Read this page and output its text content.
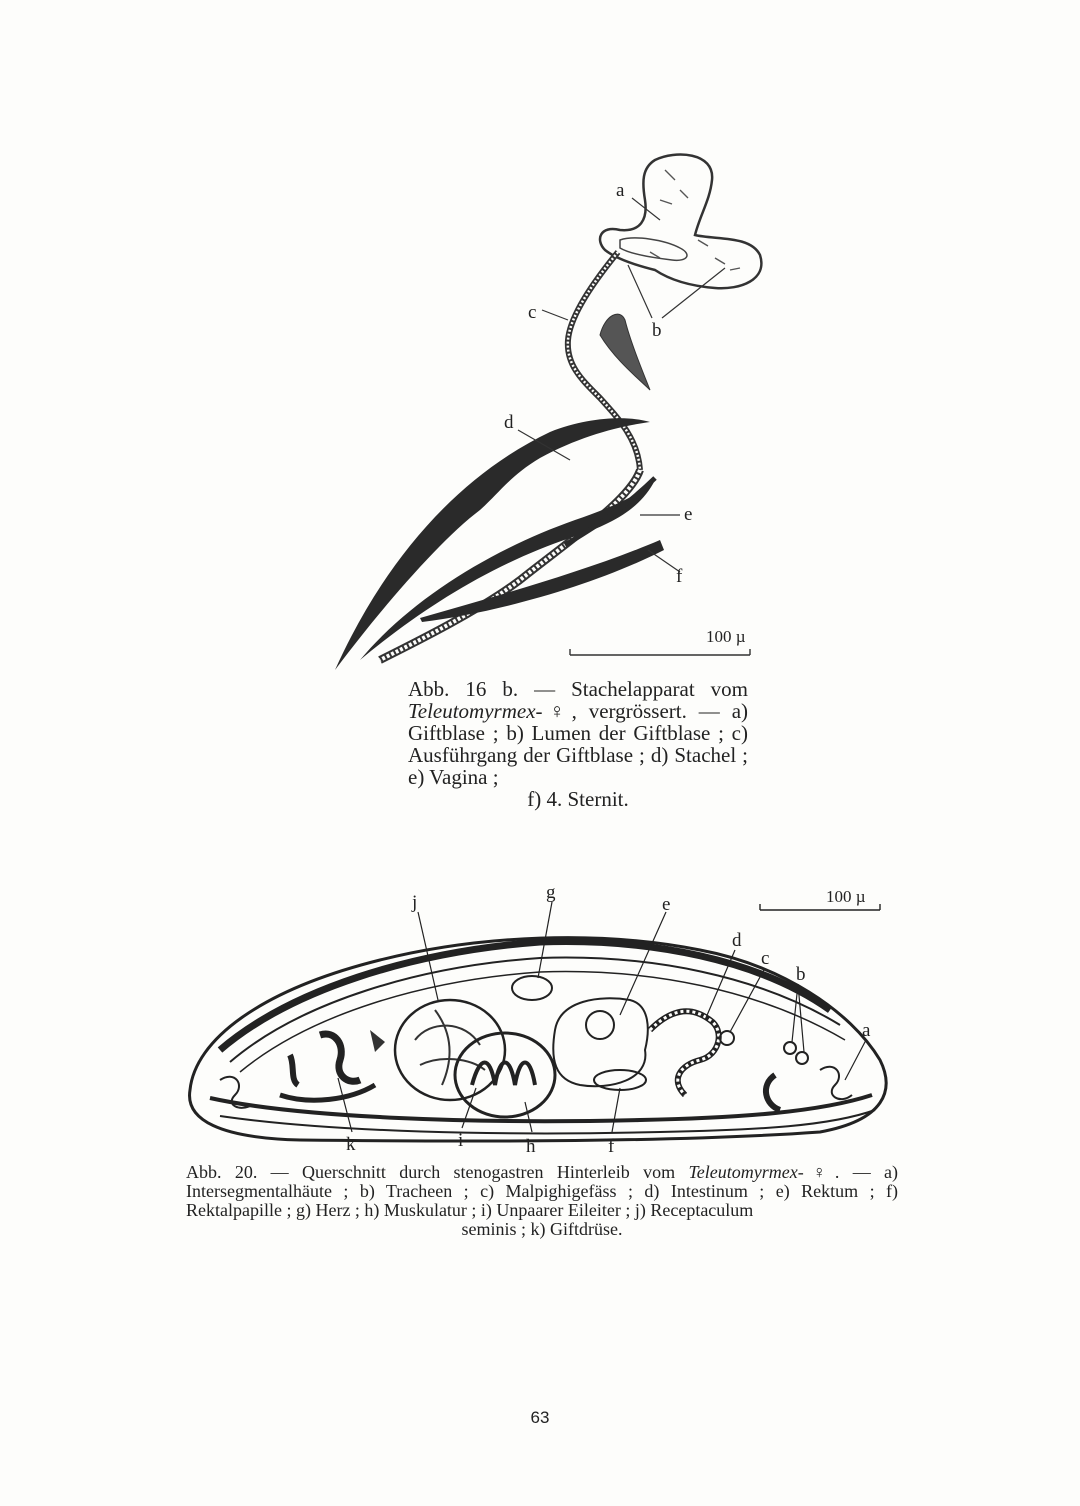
a
c
b
d
e
f
100 µ

Abb. 16 b. — Stachelapparat vom Teleutomyrmex-♀, vergrössert. — a) Giftblase ; b) Lumen der Giftblase ; c) Ausführgang der Giftblase ; d) Stachel ; e) Vagina ;

f) 4. Sternit.

j	g
e
d
c
b
a
k	i	h	f
100 µ

Abb. 20. — Querschnitt durch stenogastren Hinterleib vom Teleutomyrmex-♀. — a) Intersegmentalhäute ; b) Tracheen ; c) Malpighigefäss ; d) Intestinum ; e) Rektum ; f) Rektalpapille ; g) Herz ; h) Muskulatur ; i) Unpaarer Eileiter ; j) Receptaculum

seminis ; k) Giftdrüse.

63
